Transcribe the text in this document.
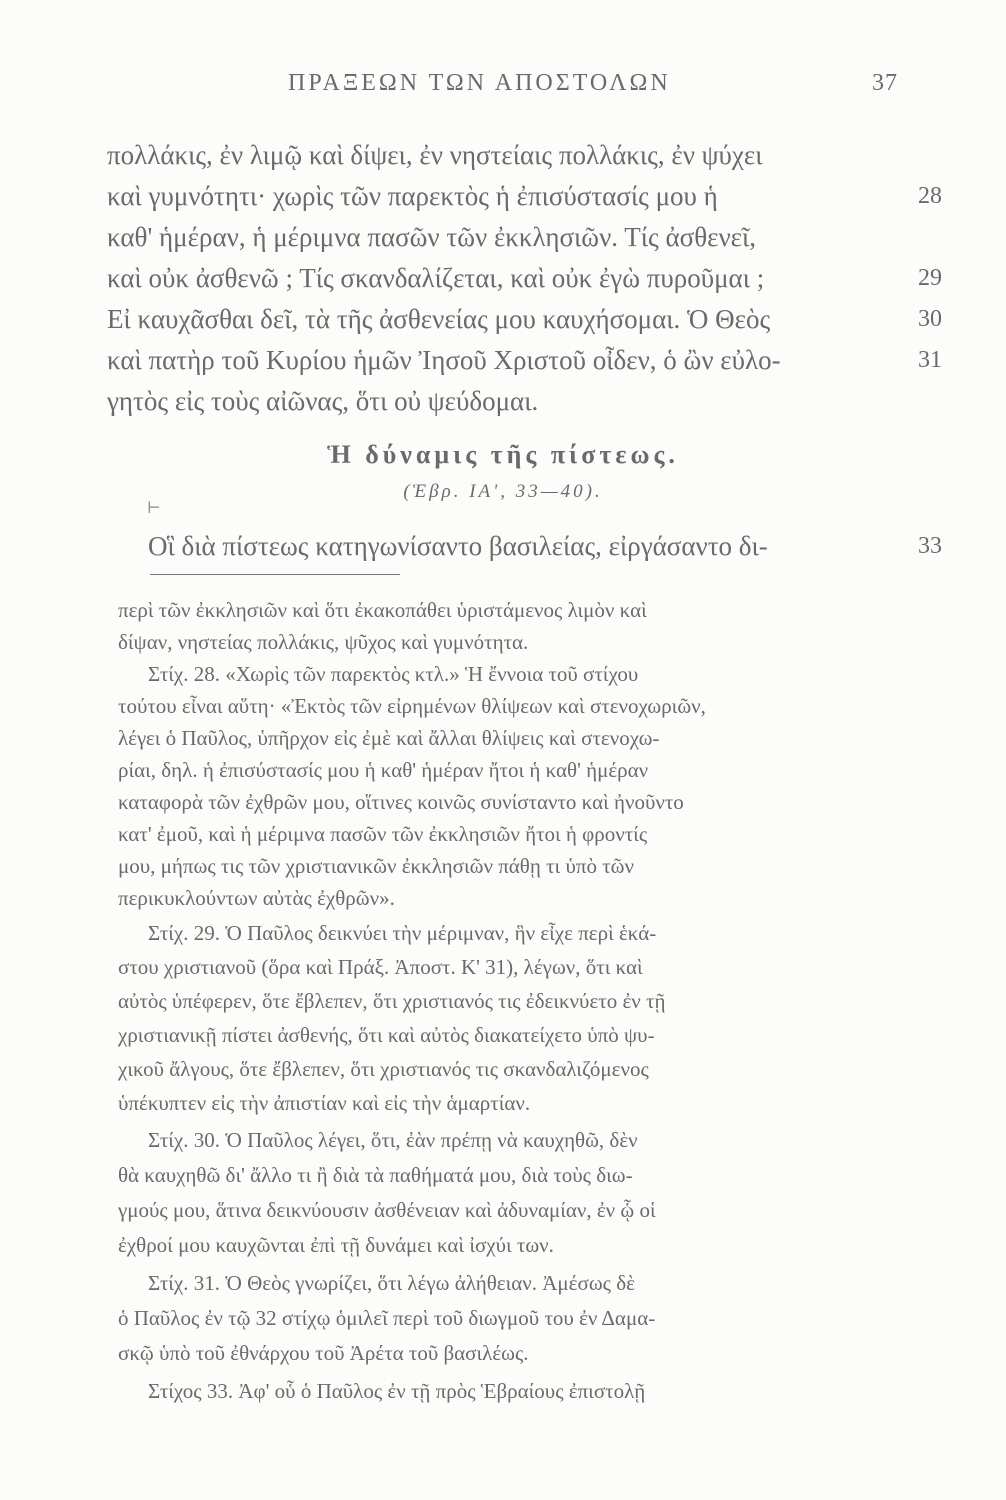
ΠΡΑΞΕΩΝ ΤΩΝ ΑΠΟΣΤΟΛΩΝ	37
πολλάκις, ἐν λιμῷ καὶ δίψει, ἐν νηστείαις πολλάκις, ἐν ψύχει
καὶ γυμνότητι· χωρὶς τῶν παρεκτὸς ἡ ἐπισύστασίς μου ἡ
καθ' ἡμέραν, ἡ μέριμνα πασῶν τῶν ἐκκλησιῶν. Τίς ἀσθενεῖ,
καὶ οὐκ ἀσθενῶ ; Τίς σκανδαλίζεται, καὶ οὐκ ἐγὼ πυροῦμαι ;
Εἰ καυχᾶσθαι δεῖ, τὰ τῆς ἀσθενείας μου καυχήσομαι. Ὁ Θεὸς
καὶ πατὴρ τοῦ Κυρίου ἡμῶν Ἰησοῦ Χριστοῦ οἶδεν, ὁ ὢν εὐλο-
γητὸς εἰς τοὺς αἰῶνας, ὅτι οὐ ψεύδομαι.
28
29
30
31
Ἡ δύναμις τῆς πίστεως.
(Ἑβρ. ΙΑ', 33—40).
⊢
Οἳ διὰ πίστεως κατηγωνίσαντο βασιλείας, εἰργάσαντο δι-	33
περὶ τῶν ἐκκλησιῶν καὶ ὅτι ἐκακοπάθει ὑριστάμενος λιμὸν καὶ
δίψαν, νηστείας πολλάκις, ψῦχος καὶ γυμνότητα.
Στίχ. 28. «Χωρὶς τῶν παρεκτὸς κτλ.» Ἡ ἔννοια τοῦ στίχου
τούτου εἶναι αὕτη· «Ἐκτὸς τῶν εἰρημένων θλίψεων καὶ στενοχωριῶν,
λέγει ὁ Παῦλος, ὑπῆρχον εἰς ἐμὲ καὶ ἄλλαι θλίψεις καὶ στενοχω-
ρίαι, δηλ. ἡ ἐπισύστασίς μου ἡ καθ' ἡμέραν ἤτοι ἡ καθ' ἡμέραν
καταφορὰ τῶν ἐχθρῶν μου, οἵτινες κοινῶς συνίσταντο καὶ ἠνοῦντο
κατ' ἐμοῦ, καὶ ἡ μέριμνα πασῶν τῶν ἐκκλησιῶν ἤτοι ἡ φροντίς
μου, μήπως τις τῶν χριστιανικῶν ἐκκλησιῶν πάθῃ τι ὑπὸ τῶν
περικυκλούντων αὐτὰς ἐχθρῶν».
Στίχ. 29. Ὁ Παῦλος δεικνύει τὴν μέριμναν, ἣν εἶχε περὶ ἑκά-
στου χριστιανοῦ (ὅρα καὶ Πράξ. Ἀποστ. Κ' 31), λέγων, ὅτι καὶ
αὐτὸς ὑπέφερεν, ὅτε ἔβλεπεν, ὅτι χριστιανός τις ἐδεικνύετο ἐν τῇ
χριστιανικῇ πίστει ἀσθενής, ὅτι καὶ αὐτὸς διακατείχετο ὑπὸ ψυ-
χικοῦ ἄλγους, ὅτε ἔβλεπεν, ὅτι χριστιανός τις σκανδαλιζόμενος
ὑπέκυπτεν εἰς τὴν ἀπιστίαν καὶ εἰς τὴν ἁμαρτίαν.
Στίχ. 30. Ὁ Παῦλος λέγει, ὅτι, ἐὰν πρέπῃ νὰ καυχηθῶ, δὲν
θὰ καυχηθῶ δι' ἄλλο τι ἢ διὰ τὰ παθήματά μου, διὰ τοὺς διω-
γμούς μου, ἅτινα δεικνύουσιν ἀσθένειαν καὶ ἀδυναμίαν, ἐν ᾧ οἱ
ἐχθροί μου καυχῶνται ἐπὶ τῇ δυνάμει καὶ ἰσχύι των.
Στίχ. 31. Ὁ Θεὸς γνωρίζει, ὅτι λέγω ἀλήθειαν. Ἀμέσως δὲ
ὁ Παῦλος ἐν τῷ 32 στίχῳ ὁμιλεῖ περὶ τοῦ διωγμοῦ του ἐν Δαμα-
σκῷ ὑπὸ τοῦ ἐθνάρχου τοῦ Ἀρέτα τοῦ βασιλέως.
Στίχος 33. Ἀφ' οὗ ὁ Παῦλος ἐν τῇ πρὸς Ἑβραίους ἐπιστολῇ
